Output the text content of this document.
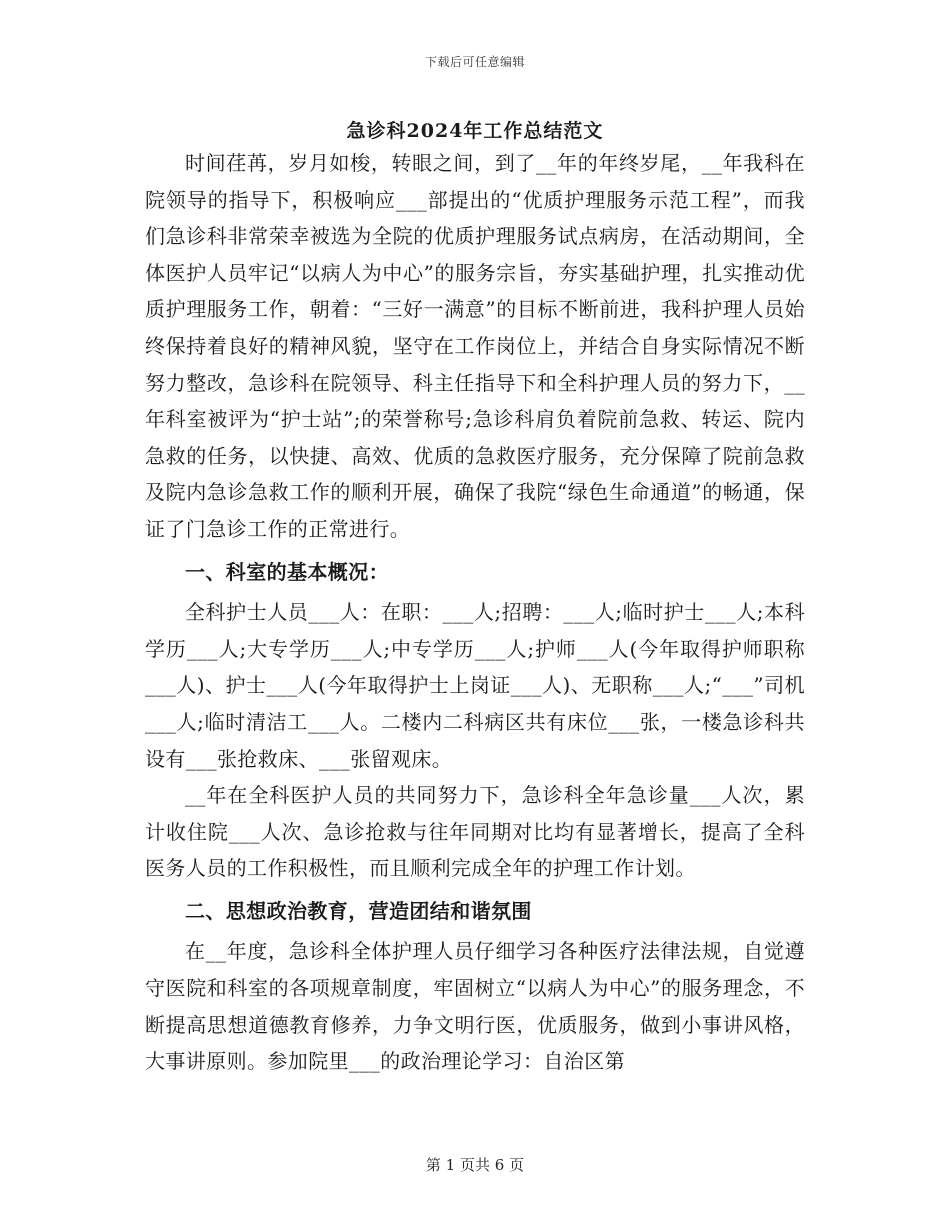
下载后可任意编辑
急诊科2024年工作总结范文

时间荏苒，岁月如梭，转眼之间，到了__年的年终岁尾，__年我科在院领导的指导下，积极响应___部提出的“优质护理服务示范工程”，而我们急诊科非常荣幸被选为全院的优质护理服务试点病房，在活动期间，全体医护人员牢记“以病人为中心”的服务宗旨，夯实基础护理，扎实推动优质护理服务工作，朝着：“三好一满意”的目标不断前进，我科护理人员始终保持着良好的精神风貌，坚守在工作岗位上，并结合自身实际情况不断努力整改，急诊科在院领导、科主任指导下和全科护理人员的努力下，__年科室被评为“护士站”;的荣誉称号;急诊科肩负着院前急救、转运、院内急救的任务，以快捷、高效、优质的急救医疗服务，充分保障了院前急救及院内急诊急救工作的顺利开展，确保了我院“绿色生命通道”的畅通，保证了门急诊工作的正常进行。

一、科室的基本概况：

全科护士人员___人：在职：___人;招聘：___人;临时护士___人;本科学历___人;大专学历___人;中专学历___人;护师___人(今年取得护师职称___人)、护士___人(今年取得护士上岗证___人)、无职称___人;“___”司机___人;临时清洁工___人。二楼内二科病区共有床位___张，一楼急诊科共设有___张抢救床、___张留观床。

__年在全科医护人员的共同努力下，急诊科全年急诊量___人次，累计收住院___人次、急诊抢救与往年同期对比均有显著增长，提高了全科医务人员的工作积极性，而且顺利完成全年的护理工作计划。

二、思想政治教育，营造团结和谐氛围

在__年度，急诊科全体护理人员仔细学习各种医疗法律法规，自觉遵守医院和科室的各项规章制度，牢固树立“以病人为中心”的服务理念，不断提高思想道德教育修养，力争文明行医，优质服务，做到小事讲风格，大事讲原则。参加院里___的政治理论学习：自治区第

第 1 页共 6 页
